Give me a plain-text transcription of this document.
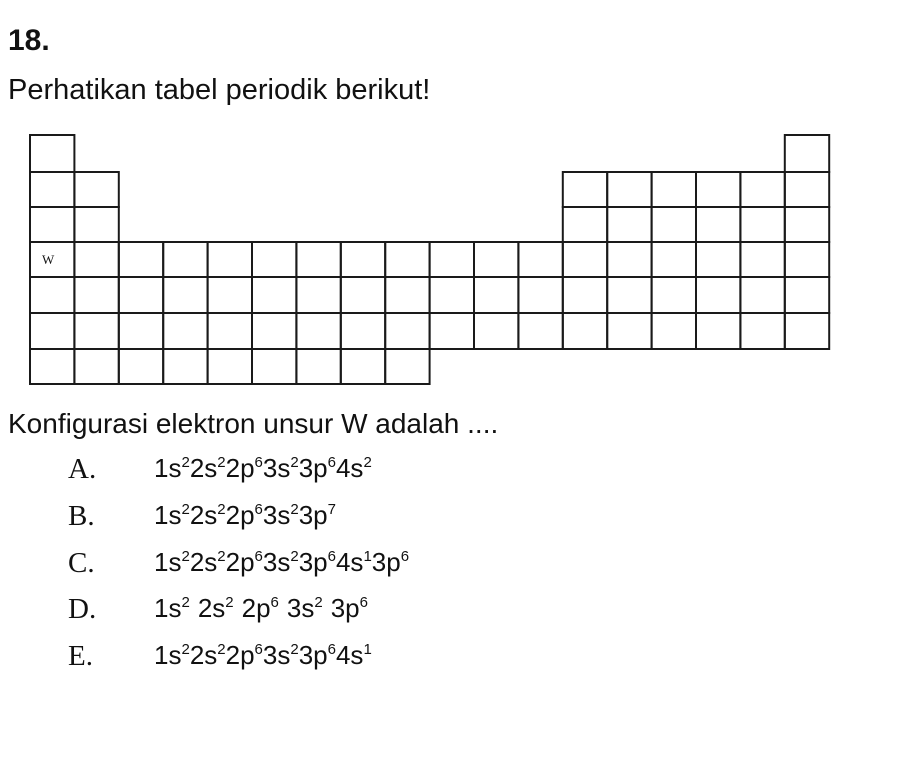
18.
Perhatikan tabel periodik berikut!
W
Konfigurasi elektron unsur W adalah ....
A. $1s^22s^22p^63s^23p^64s^2$
B. $1s^22s^22p^63s^23p^7$
C. $1s^22s^22p^63s^23p^64s^13p^6$
D. $1s^2$ $2s^2$ $2p^6$ $3s^2$ $3p^6$
E. $1s^22s^22p^63s^23p^64s^1$
